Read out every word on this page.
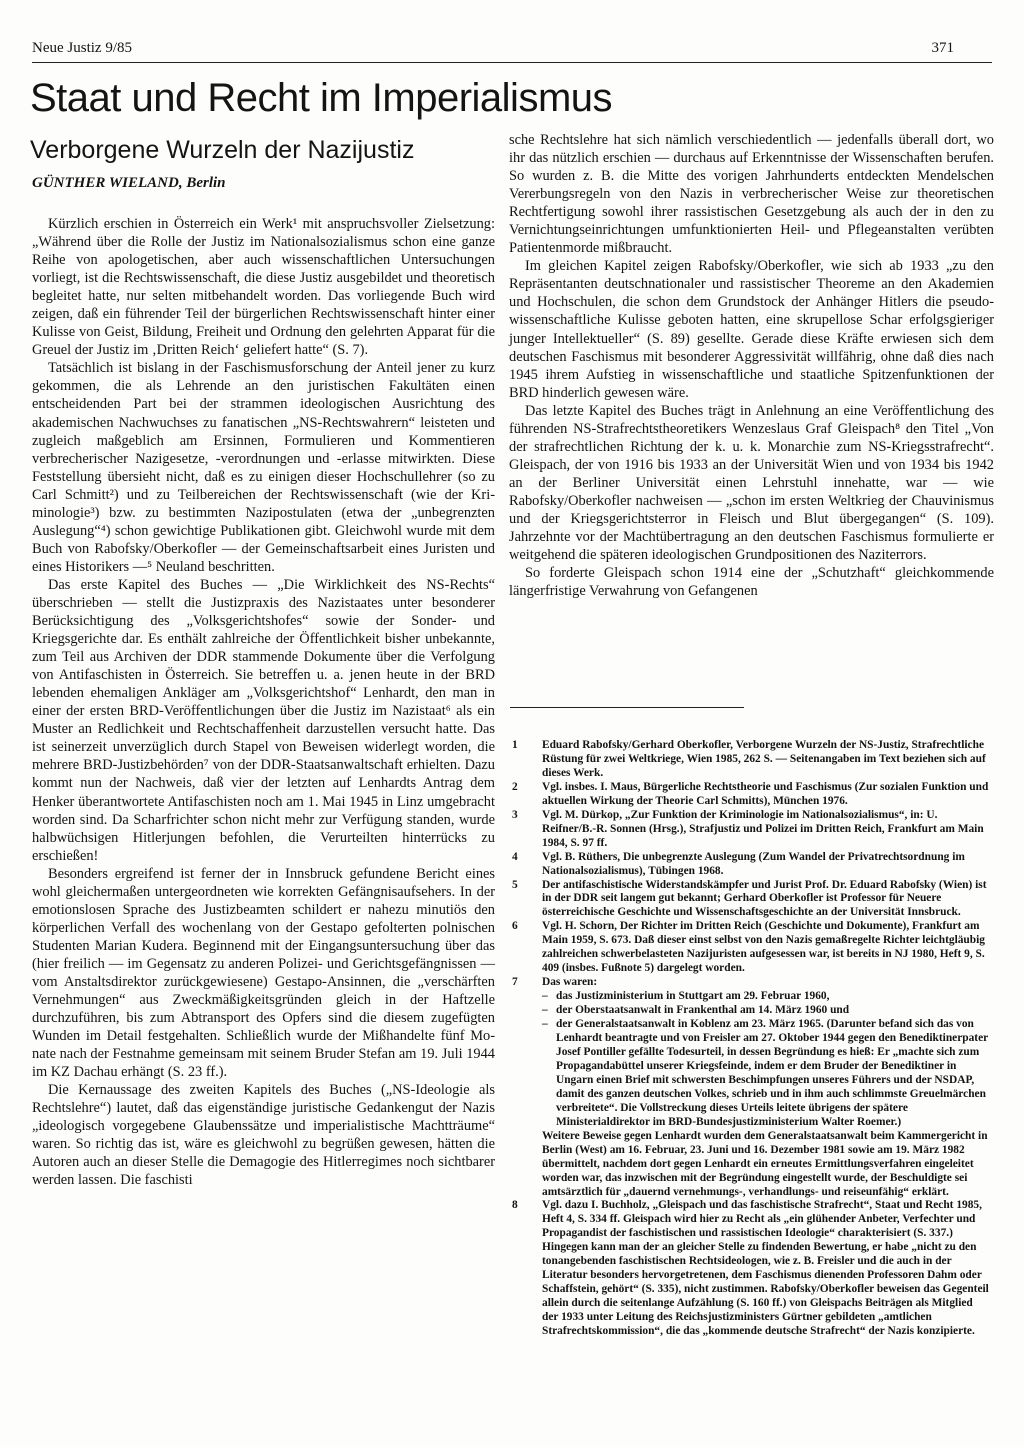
Neue Justiz 9/85	371
Staat und Recht im Imperialismus
Verborgene Wurzeln der Nazijustiz
GÜNTHER WIELAND, Berlin

Kürzlich erschien in Österreich ein Werk¹ mit anspruchsvoller Zielsetzung: „Während über die Rolle der Justiz im Nationalsozialismus schon eine ganze Reihe von apologetischen, aber auch wissenschaftlichen Untersuchungen vorliegt, ist die Rechtswissenschaft, die diese Justiz ausgebildet und theoretisch begleitet hatte, nur selten mitbehandelt worden. Das vorliegende Buch wird zeigen, daß ein führender Teil der bürgerlichen Rechtswissenschaft hinter einer Kulisse von Geist, Bildung, Freiheit und Ordnung den gelehrten Apparat für die Greuel der Justiz im ‚Dritten Reich‘ geliefert hatte“ (S. 7).

Tatsächlich ist bislang in der Faschismusforschung der Anteil jener zu kurz gekommen, die als Lehrende an den juristischen Fakultäten einen entscheidenden Part bei der strammen ideologischen Ausrichtung des akademischen Nachwuchses zu fanatischen „NS-Rechtswahrern“ leisteten und zugleich maßgeblich am Ersinnen, Formulieren und Kommentieren verbrecherischer Nazigesetze, -verordnungen und -erlasse mitwirkten. Diese Feststellung übersieht nicht, daß es zu einigen dieser Hochschullehrer (so zu Carl Schmitt²) und zu Teilbereichen der Rechtswissenschaft (wie der Kriminologie³) bzw. zu bestimmten Nazipostulaten (etwa der „unbegrenzten Auslegung“⁴) schon gewichtige Publikationen gibt. Gleichwohl wurde mit dem Buch von Rabofsky/Oberkofler — der Gemeinschaftsarbeit eines Juristen und eines Historikers —⁵ Neuland beschritten.

Das erste Kapitel des Buches — „Die Wirklichkeit des NS-Rechts“ überschrieben — stellt die Justizpraxis des Nazistaates unter besonderer Berücksichtigung des „Volksgerichtshofes“ sowie der Sonder- und Kriegsgerichte dar. Es enthält zahlreiche der Öffentlichkeit bisher unbekannte, zum Teil aus Archiven der DDR stammende Dokumente über die Verfolgung von Antifaschisten in Österreich. Sie betreffen u. a. jenen heute in der BRD lebenden ehemaligen Ankläger am „Volksgerichtshof“ Lenhardt, den man in einer der ersten BRD-Veröffentlichungen über die Justiz im Nazistaat⁶ als ein Muster an Redlichkeit und Rechtschaffenheit darzustellen versucht hatte. Das ist seinerzeit unverzüglich durch Stapel von Beweisen widerlegt worden, die mehrere BRD-Justizbehörden⁷ von der DDR-Staatsanwaltschaft erhielten. Dazu kommt nun der Nachweis, daß vier der letzten auf Lenhardts Antrag dem Henker überantwortete Antifaschisten noch am 1. Mai 1945 in Linz umgebracht worden sind. Da Scharfrichter schon nicht mehr zur Verfügung standen, wurde halbwüchsigen Hitlerjungen befohlen, die Verurteilten hinterrücks zu erschießen!

Besonders ergreifend ist ferner der in Innsbruck gefundene Bericht eines wohl gleichermaßen untergeordneten wie korrekten Gefängnisaufsehers. In der emotionslosen Sprache des Justizbeamten schildert er nahezu minutiös den körperlichen Verfall des wochenlang von der Gestapo gefolterten polnischen Studenten Marian Kudera. Beginnend mit der Eingangsuntersuchung über das (hier freilich — im Gegensatz zu anderen Polizei- und Gerichtsgefängnissen — vom Anstaltsdirektor zurückgewiesene) Gestapo-Ansinnen, die „verschärften Vernehmungen“ aus Zweckmäßigkeitsgründen gleich in der Haftzelle durchzuführen, bis zum Abtransport des Opfers sind die diesem zugefügten Wunden im Detail festgehalten. Schließlich wurde der Mißhandelte fünf Monate nach der Festnahme gemeinsam mit seinem Bruder Stefan am 19. Juli 1944 im KZ Dachau erhängt (S. 23 ff.).

Die Kernaussage des zweiten Kapitels des Buches („NS-Ideologie als Rechtslehre“) lautet, daß das eigenständige juristische Gedankengut der Nazis „ideologisch vorgegebene Glaubenssätze und imperialistische Machtträume“ waren. So richtig das ist, wäre es gleichwohl zu begrüßen gewesen, hätten die Autoren auch an dieser Stelle die Demagogie des Hitlerregimes noch sichtbarer werden lassen. Die faschisti

sche Rechtslehre hat sich nämlich verschiedentlich — jedenfalls überall dort, wo ihr das nützlich erschien — durchaus auf Erkenntnisse der Wissenschaften berufen. So wurden z. B. die Mitte des vorigen Jahrhunderts entdeckten Mendelschen Vererbungsregeln von den Nazis in verbrecherischer Weise zur theoretischen Rechtfertigung sowohl ihrer rassistischen Gesetzgebung als auch der in den zu Vernichtungseinrichtungen umfunktionierten Heil- und Pflegeanstalten verübten Patientenmorde mißbraucht.

Im gleichen Kapitel zeigen Rabofsky/Oberkofler, wie sich ab 1933 „zu den Repräsentanten deutschnationaler und rassistischer Theoreme an den Akademien und Hochschulen, die schon dem Grundstock der Anhänger Hitlers die pseudowissenschaftliche Kulisse geboten hatten, eine skrupellose Schar erfolgsgieriger junger Intellektueller“ (S. 89) gesellte. Gerade diese Kräfte erwiesen sich dem deutschen Faschismus mit besonderer Aggressivität willfährig, ohne daß dies nach 1945 ihrem Aufstieg in wissenschaftliche und staatliche Spitzenfunktionen der BRD hinderlich gewesen wäre.

Das letzte Kapitel des Buches trägt in Anlehnung an eine Veröffentlichung des führenden NS-Strafrechtstheoretikers Wenzeslaus Graf Gleispach⁸ den Titel „Von der strafrechtlichen Richtung der k. u. k. Monarchie zum NS-Kriegsstrafrecht“. Gleispach, der von 1916 bis 1933 an der Universität Wien und von 1934 bis 1942 an der Berliner Universität einen Lehrstuhl innehatte, war — wie Rabofsky/Oberkofler nachweisen — „schon im ersten Weltkrieg der Chauvinismus und der Kriegsgerichtsterror in Fleisch und Blut übergegangen“ (S. 109). Jahrzehnte vor der Machtübertragung an den deutschen Faschismus formulierte er weitgehend die späteren ideologischen Grundpositionen des Naziterrors.

So forderte Gleispach schon 1914 eine der „Schutzhaft“ gleichkommende längerfristige Verwahrung von Gefangenen

1	Eduard Rabofsky/Gerhard Oberkofler, Verborgene Wurzeln der NS-Justiz, Strafrechtliche Rüstung für zwei Weltkriege, Wien 1985, 262 S. — Seitenangaben im Text beziehen sich auf dieses Werk.
2	Vgl. insbes. I. Maus, Bürgerliche Rechtstheorie und Faschismus (Zur sozialen Funktion und aktuellen Wirkung der Theorie Carl Schmitts), München 1976.
3	Vgl. M. Dürkop, „Zur Funktion der Kriminologie im Nationalsozialismus“, in: U. Reifner/B.-R. Sonnen (Hrsg.), Strafjustiz und Polizei im Dritten Reich, Frankfurt am Main 1984, S. 97 ff.
4	Vgl. B. Rüthers, Die unbegrenzte Auslegung (Zum Wandel der Privatrechtsordnung im Nationalsozialismus), Tübingen 1968.
5	Der antifaschistische Widerstandskämpfer und Jurist Prof. Dr. Eduard Rabofsky (Wien) ist in der DDR seit langem gut bekannt; Gerhard Oberkofler ist Professor für Neuere österreichische Geschichte und Wissenschaftsgeschichte an der Universität Innsbruck.
6	Vgl. H. Schorn, Der Richter im Dritten Reich (Geschichte und Dokumente), Frankfurt am Main 1959, S. 673. Daß dieser einst selbst von den Nazis gemaßregelte Richter leichtgläubig zahlreichen schwerbelasteten Nazijuristen aufgesessen war, ist bereits in NJ 1980, Heft 9, S. 409 (insbes. Fußnote 5) dargelegt worden.
7	Das waren:

– das Justizministerium in Stuttgart am 29. Februar 1960,
– der Oberstaatsanwalt in Frankenthal am 14. März 1960 und
– der Generalstaatsanwalt in Koblenz am 23. März 1965. (Darunter befand sich das von Lenhardt beantragte und von Freisler am 27. Oktober 1944 gegen den Benediktinerpater Josef Pontiller gefällte Todesurteil, in dessen Begründung es hieß: Er „machte sich zum Propagandabüttel unserer Kriegsfeinde, indem er dem Bruder der Benediktiner in Ungarn einen Brief mit schwersten Beschimpfungen unseres Führers und der NSDAP, damit des ganzen deutschen Volkes, schrieb und in ihm auch schlimmste Greuelmärchen verbreitete“. Die Vollstreckung dieses Urteils leitete übrigens der spätere Ministerialdirektor im BRD-Bundesjustizministerium Walter Roemer.)

Weitere Beweise gegen Lenhardt wurden dem Generalstaatsanwalt beim Kammergericht in Berlin (West) am 16. Februar, 23. Juni und 16. Dezember 1981 sowie am 19. März 1982 übermittelt, nachdem dort gegen Lenhardt ein erneutes Ermittlungsverfahren eingeleitet worden war, das inzwischen mit der Begründung eingestellt wurde, der Beschuldigte sei amtsärztlich für „dauernd vernehmungs-, verhandlungs- und reiseunfähig“ erklärt.

8	Vgl. dazu I. Buchholz, „Gleispach und das faschistische Strafrecht“, Staat und Recht 1985, Heft 4, S. 334 ff. Gleispach wird hier zu Recht als „ein glühender Anbeter, Verfechter und Propagandist der faschistischen und rassistischen Ideologie“ charakterisiert (S. 337.) Hingegen kann man der an gleicher Stelle zu findenden Bewertung, er habe „nicht zu den tonangebenden faschistischen Rechtsideologen, wie z. B. Freisler und die auch in der Literatur besonders hervorgetretenen, dem Faschismus dienenden Professoren Dahm oder Schaffstein, gehört“ (S. 335), nicht zustimmen. Rabofsky/Oberkofler beweisen das Gegenteil allein durch die seitenlange Aufzählung (S. 160 ff.) von Gleispachs Beiträgen als Mitglied der 1933 unter Leitung des Reichsjustizministers Gürtner gebildeten „amtlichen Strafrechtskommission“, die das „kommende deutsche Strafrecht“ der Nazis konzipierte.
